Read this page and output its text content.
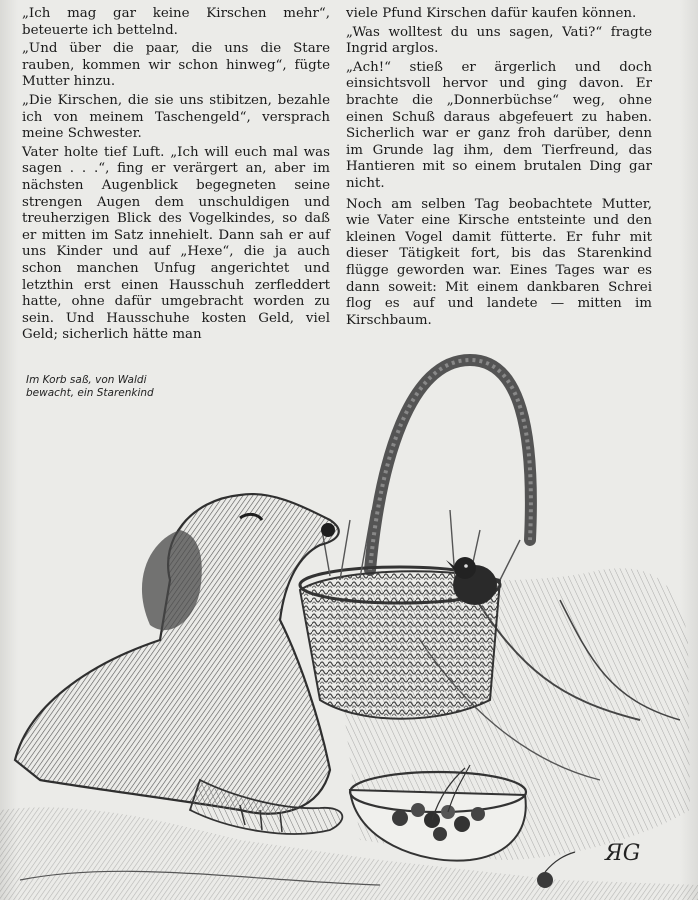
„Ich mag gar keine Kirschen mehr“, beteuerte ich bettelnd.

„Und über die paar, die uns die Stare rauben, kommen wir schon hinweg“, fügte Mutter hinzu.

„Die Kirschen, die sie uns stibitzen, bezahle ich von meinem Taschengeld“, versprach meine Schwester.

Vater holte tief Luft. „Ich will euch mal was sagen . . .“, fing er verärgert an, aber im nächsten Augenblick begegneten seine strengen Augen dem unschuldigen und treuherzigen Blick des Vogelkindes, so daß er mitten im Satz innehielt. Dann sah er auf uns Kinder und auf „Hexe“, die ja auch schon manchen Unfug angerichtet und letzthin erst einen Hausschuh zerfleddert hatte, ohne dafür umgebracht worden zu sein. Und Hausschuhe kosten Geld, viel Geld; sicherlich hätte man

viele Pfund Kirschen dafür kaufen können.

„Was wolltest du uns sagen, Vati?“ fragte Ingrid arglos.

„Ach!“ stieß er ärgerlich und doch einsichtsvoll hervor und ging davon. Er brachte die „Donnerbüchse“ weg, ohne einen Schuß daraus abgefeuert zu haben. Sicherlich war er ganz froh darüber, denn im Grunde lag ihm, dem Tierfreund, das Hantieren mit so einem brutalen Ding gar nicht.

Noch am selben Tag beobachtete Mutter, wie Vater eine Kirsche entsteinte und den kleinen Vogel damit fütterte. Er fuhr mit dieser Tätigkeit fort, bis das Starenkind flügge geworden war. Eines Tages war es dann soweit: Mit einem dankbaren Schrei flog es auf und landete — mitten im Kirschbaum.

Im Korb saß, von Waldi
bewacht, ein Starenkind
ЯG
